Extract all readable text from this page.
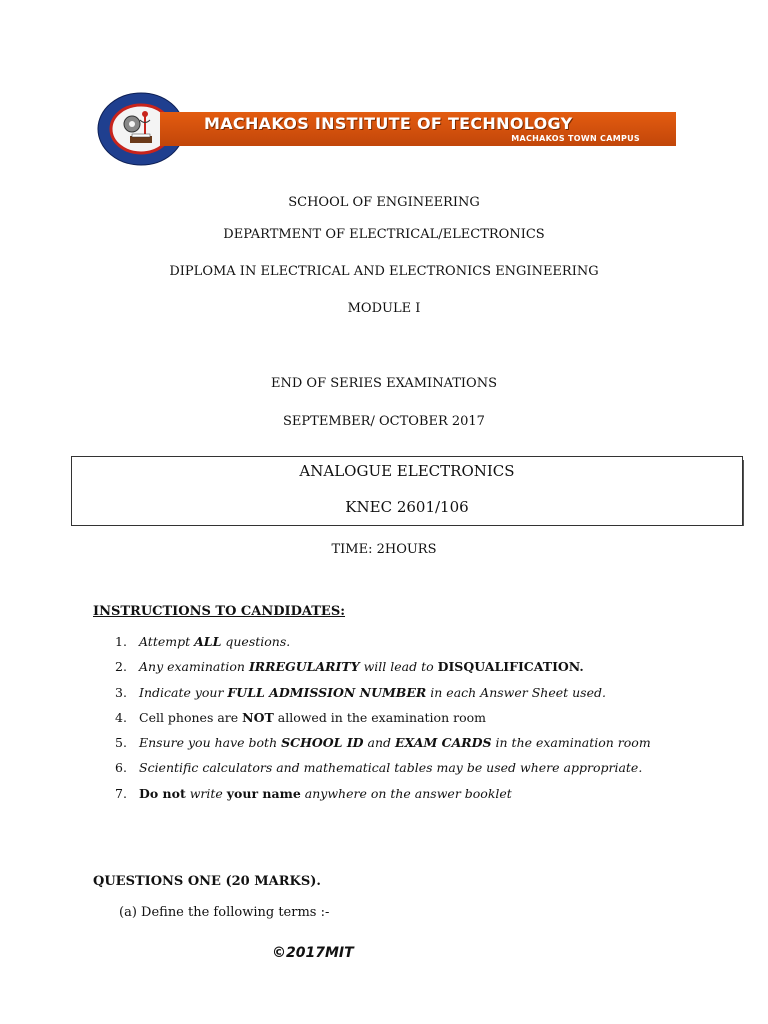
MACHAKOS INSTITUTE OF TECHNOLOGY
MACHAKOS TOWN CAMPUS
SCHOOL OF ENGINEERING
DEPARTMENT OF ELECTRICAL/ELECTRONICS
DIPLOMA IN ELECTRICAL AND ELECTRONICS ENGINEERING
MODULE I
END OF SERIES EXAMINATIONS
SEPTEMBER/ OCTOBER 2017
ANALOGUE ELECTRONICS
KNEC 2601/106
TIME: 2HOURS
INSTRUCTIONS TO CANDIDATES:
1. Attempt ALL questions.
2. Any examination IRREGULARITY will lead to DISQUALIFICATION.
3. Indicate your FULL ADMISSION NUMBER in each Answer Sheet used.
4. Cell phones are NOT allowed in the examination room
5. Ensure you have both SCHOOL ID and EXAM CARDS in the examination room
6. Scientific calculators and mathematical tables may be used where appropriate.
7. Do not write your name anywhere on the answer booklet
QUESTIONS ONE (20 MARKS).
(a) Define the following terms :-
©2017MIT
